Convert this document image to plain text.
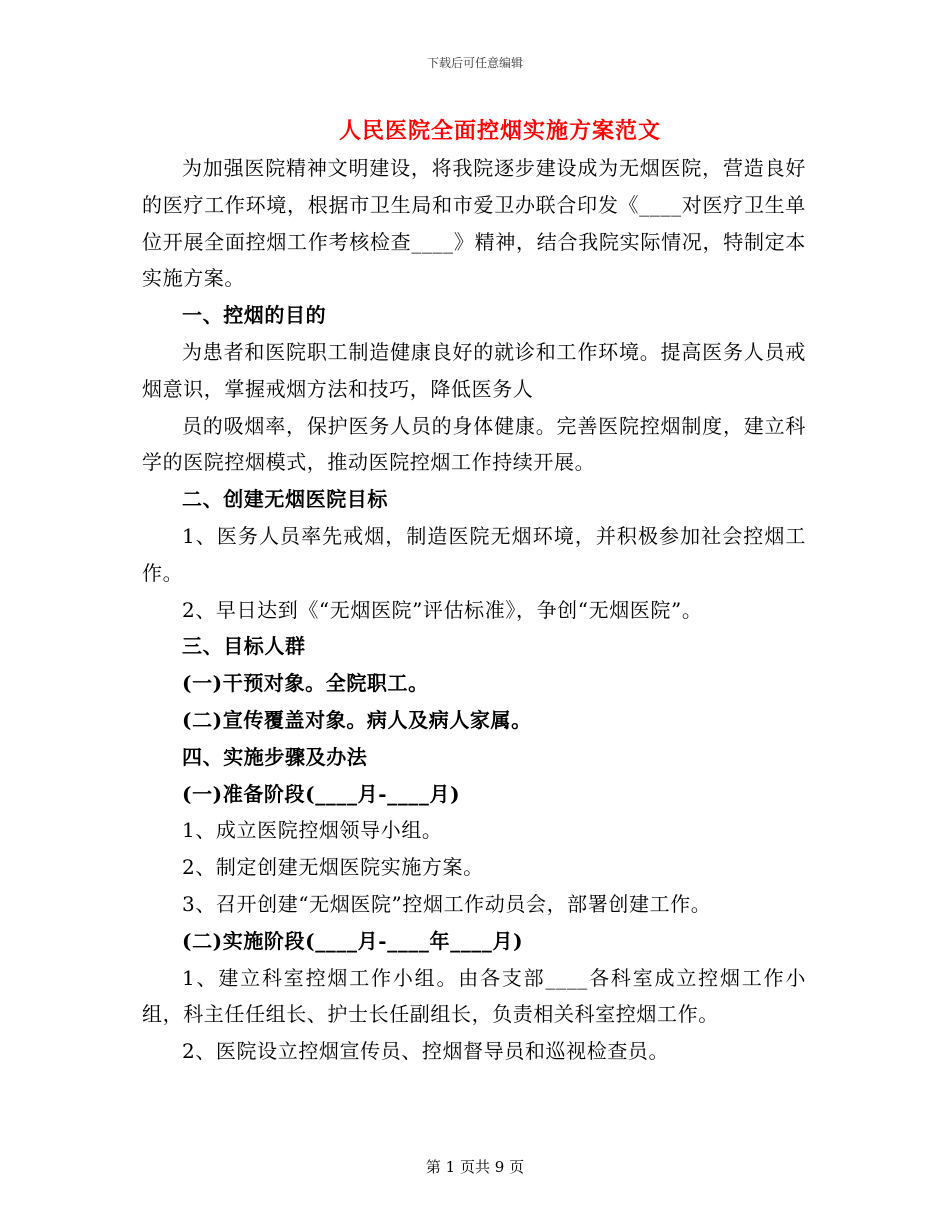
下载后可任意编辑
人民医院全面控烟实施方案范文

为加强医院精神文明建设，将我院逐步建设成为无烟医院，营造良好的医疗工作环境，根据市卫生局和市爱卫办联合印发《____对医疗卫生单位开展全面控烟工作考核检查____》精神，结合我院实际情况，特制定本实施方案。

一、控烟的目的

为患者和医院职工制造健康良好的就诊和工作环境。提高医务人员戒烟意识，掌握戒烟方法和技巧，降低医务人

员的吸烟率，保护医务人员的身体健康。完善医院控烟制度，建立科学的医院控烟模式，推动医院控烟工作持续开展。

二、创建无烟医院目标

1、医务人员率先戒烟，制造医院无烟环境，并积极参加社会控烟工作。

2、早日达到《“无烟医院”评估标准》，争创“无烟医院”。

三、目标人群

(一)干预对象。全院职工。

(二)宣传覆盖对象。病人及病人家属。

四、实施步骤及办法

(一)准备阶段(____月-____月)

1、成立医院控烟领导小组。

2、制定创建无烟医院实施方案。

3、召开创建“无烟医院”控烟工作动员会，部署创建工作。

(二)实施阶段(____月-____年____月)

1、建立科室控烟工作小组。由各支部____各科室成立控烟工作小组，科主任任组长、护士长任副组长，负责相关科室控烟工作。

2、医院设立控烟宣传员、控烟督导员和巡视检查员。

第 1 页共 9 页
